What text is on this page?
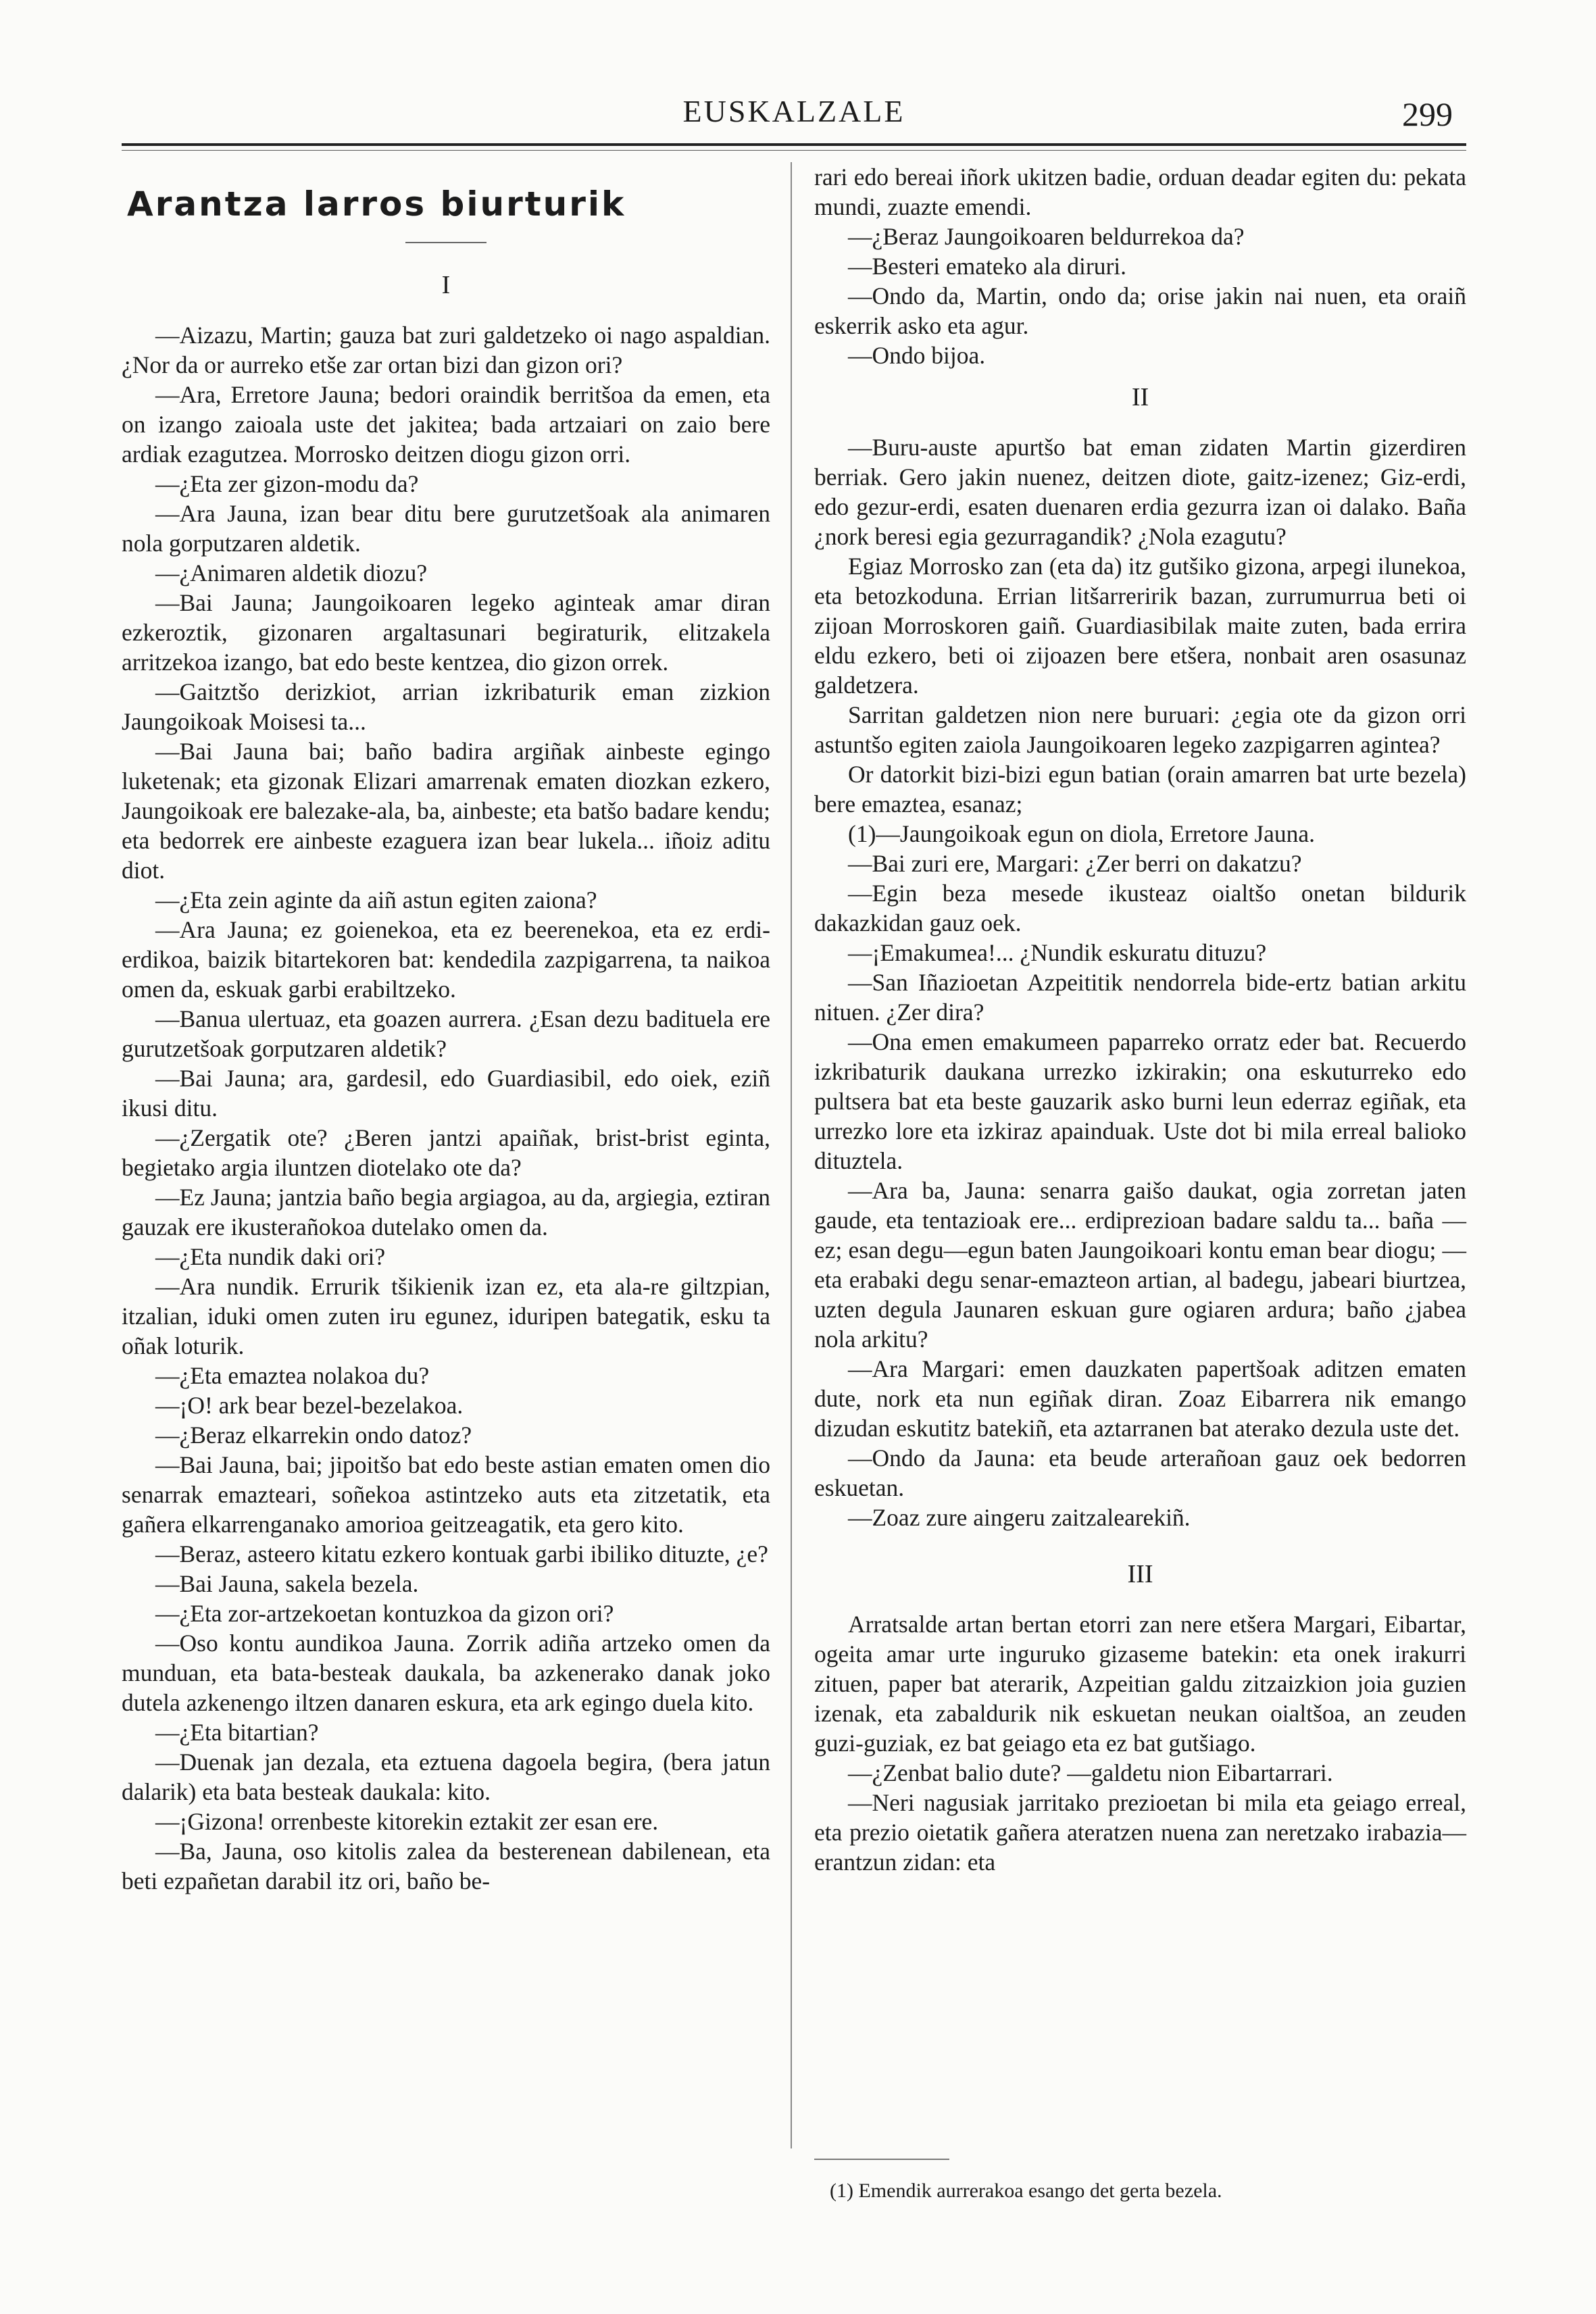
EUSKALZALE	299
Arantza larros biurturik
I

—Aizazu, Martin; gauza bat zuri galdetzeko oi nago aspaldian. ¿Nor da or aurreko etše zar ortan bizi dan gizon ori?

—Ara, Erretore Jauna; bedori oraindik berritšoa da emen, eta on izango zaioala uste det jakitea; bada artzaiari on zaio bere ardiak ezagutzea. Morrosko deitzen diogu gizon orri.

—¿Eta zer gizon-modu da?

—Ara Jauna, izan bear ditu bere gurutzetšoak ala animaren nola gorputzaren aldetik.

—¿Animaren aldetik diozu?

—Bai Jauna; Jaungoikoaren legeko aginteak amar diran ezkeroztik, gizonaren argaltasunari begiraturik, elitzakela arritzekoa izango, bat edo beste kentzea, dio gizon orrek.

—Gaitztšo derizkiot, arrian izkribaturik eman zizkion Jaungoikoak Moisesi ta...

—Bai Jauna bai; baño badira argiñak ainbeste egingo luketenak; eta gizonak Elizari amarrenak ematen diozkan ezkero, Jaungoikoak ere balezake-ala, ba, ainbeste; eta batšo badare kendu; eta bedorrek ere ainbeste ezaguera izan bear lukela... iñoiz aditu diot.

—¿Eta zein aginte da aiñ astun egiten zaiona?

—Ara Jauna; ez goienekoa, eta ez beerenekoa, eta ez erdi-erdikoa, baizik bitartekoren bat: kendedila zazpigarrena, ta naikoa omen da, eskuak garbi erabiltzeko.

—Banua ulertuaz, eta goazen aurrera. ¿Esan dezu badituela ere gurutzetšoak gorputzaren aldetik?

—Bai Jauna; ara, gardesil, edo Guardiasibil, edo oiek, eziñ ikusi ditu.

—¿Zergatik ote? ¿Beren jantzi apaiñak, brist-brist eginta, begietako argia iluntzen diotelako ote da?

—Ez Jauna; jantzia baño begia argiagoa, au da, argiegia, eztiran gauzak ere ikusterañokoa dutelako omen da.

—¿Eta nundik daki ori?

—Ara nundik. Errurik tšikienik izan ez, eta ala-re giltzpian, itzalian, iduki omen zuten iru egunez, iduripen bategatik, esku ta oñak loturik.

—¿Eta emaztea nolakoa du?

—¡O! ark bear bezel-bezelakoa.

—¿Beraz elkarrekin ondo datoz?

—Bai Jauna, bai; jipoitšo bat edo beste astian ematen omen dio senarrak emazteari, soñekoa astintzeko auts eta zitzetatik, eta gañera elkarrenganako amorioa geitzeagatik, eta gero kito.

—Beraz, asteero kitatu ezkero kontuak garbi ibiliko dituzte, ¿e?

—Bai Jauna, sakela bezela.

—¿Eta zor-artzekoetan kontuzkoa da gizon ori?

—Oso kontu aundikoa Jauna. Zorrik adiña artzeko omen da munduan, eta bata-besteak daukala, ba azkenerako danak joko dutela azkenengo iltzen danaren eskura, eta ark egingo duela kito.

—¿Eta bitartian?

—Duenak jan dezala, eta eztuena dagoela begira, (bera jatun dalarik) eta bata besteak daukala: kito.

—¡Gizona! orrenbeste kitorekin eztakit zer esan ere.

—Ba, Jauna, oso kitolis zalea da besterenean dabilenean, eta beti ezpañetan darabil itz ori, baño be-

rari edo bereai iñork ukitzen badie, orduan deadar egiten du: pekata mundi, zuazte emendi.

—¿Beraz Jaungoikoaren beldurrekoa da?

—Besteri emateko ala diruri.

—Ondo da, Martin, ondo da; orise jakin nai nuen, eta oraiñ eskerrik asko eta agur.

—Ondo bijoa.

II

—Buru-auste apurtšo bat eman zidaten Martin gizerdiren berriak. Gero jakin nuenez, deitzen diote, gaitz-izenez; Giz-erdi, edo gezur-erdi, esaten duenaren erdia gezurra izan oi dalako. Baña ¿nork beresi egia gezurragandik? ¿Nola ezagutu?

Egiaz Morrosko zan (eta da) itz gutšiko gizona, arpegi ilunekoa, eta betozkoduna. Errian litšarreririk bazan, zurrumurrua beti oi zijoan Morroskoren gaiñ. Guardiasibilak maite zuten, bada errira eldu ezkero, beti oi zijoazen bere etšera, nonbait aren osasunaz galdetzera.

Sarritan galdetzen nion nere buruari: ¿egia ote da gizon orri astuntšo egiten zaiola Jaungoikoaren legeko zazpigarren agintea?

Or datorkit bizi-bizi egun batian (orain amarren bat urte bezela) bere emaztea, esanaz;

(1)—Jaungoikoak egun on diola, Erretore Jauna.

—Bai zuri ere, Margari: ¿Zer berri on dakatzu?

—Egin beza mesede ikusteaz oialtšo onetan bildurik dakazkidan gauz oek.

—¡Emakumea!... ¿Nundik eskuratu dituzu?

—San Iñazioetan Azpeititik nendorrela bide-ertz batian arkitu nituen. ¿Zer dira?

—Ona emen emakumeen paparreko orratz eder bat. Recuerdo izkribaturik daukana urrezko izkirakin; ona eskuturreko edo pultsera bat eta beste gauzarik asko burni leun ederraz egiñak, eta urrezko lore eta izkiraz apainduak. Uste dot bi mila erreal balioko dituztela.

—Ara ba, Jauna: senarra gaišo daukat, ogia zorretan jaten gaude, eta tentazioak ere... erdiprezioan badare saldu ta... baña —ez; esan degu—egun baten Jaungoikoari kontu eman bear diogu; —eta erabaki degu senar-emazteon artian, al badegu, jabeari biurtzea, uzten degula Jaunaren eskuan gure ogiaren ardura; baño ¿jabea nola arkitu?

—Ara Margari: emen dauzkaten papertšoak aditzen ematen dute, nork eta nun egiñak diran. Zoaz Eibarrera nik emango dizudan eskutitz batekiñ, eta aztarranen bat aterako dezula uste det.

—Ondo da Jauna: eta beude arterañoan gauz oek bedorren eskuetan.

—Zoaz zure aingeru zaitzalearekiñ.

III

Arratsalde artan bertan etorri zan nere etšera Margari, Eibartar, ogeita amar urte inguruko gizaseme batekin: eta onek irakurri zituen, paper bat aterarik, Azpeitian galdu zitzaizkion joia guzien izenak, eta zabaldurik nik eskuetan neukan oialtšoa, an zeuden guzi-guziak, ez bat geiago eta ez bat gutšiago.

—¿Zenbat balio dute? —galdetu nion Eibartarrari.

—Neri nagusiak jarritako prezioetan bi mila eta geiago erreal, eta prezio oietatik gañera ateratzen nuena zan neretzako irabazia—erantzun zidan: eta

(1) Emendik aurrerakoa esango det gerta bezela.
